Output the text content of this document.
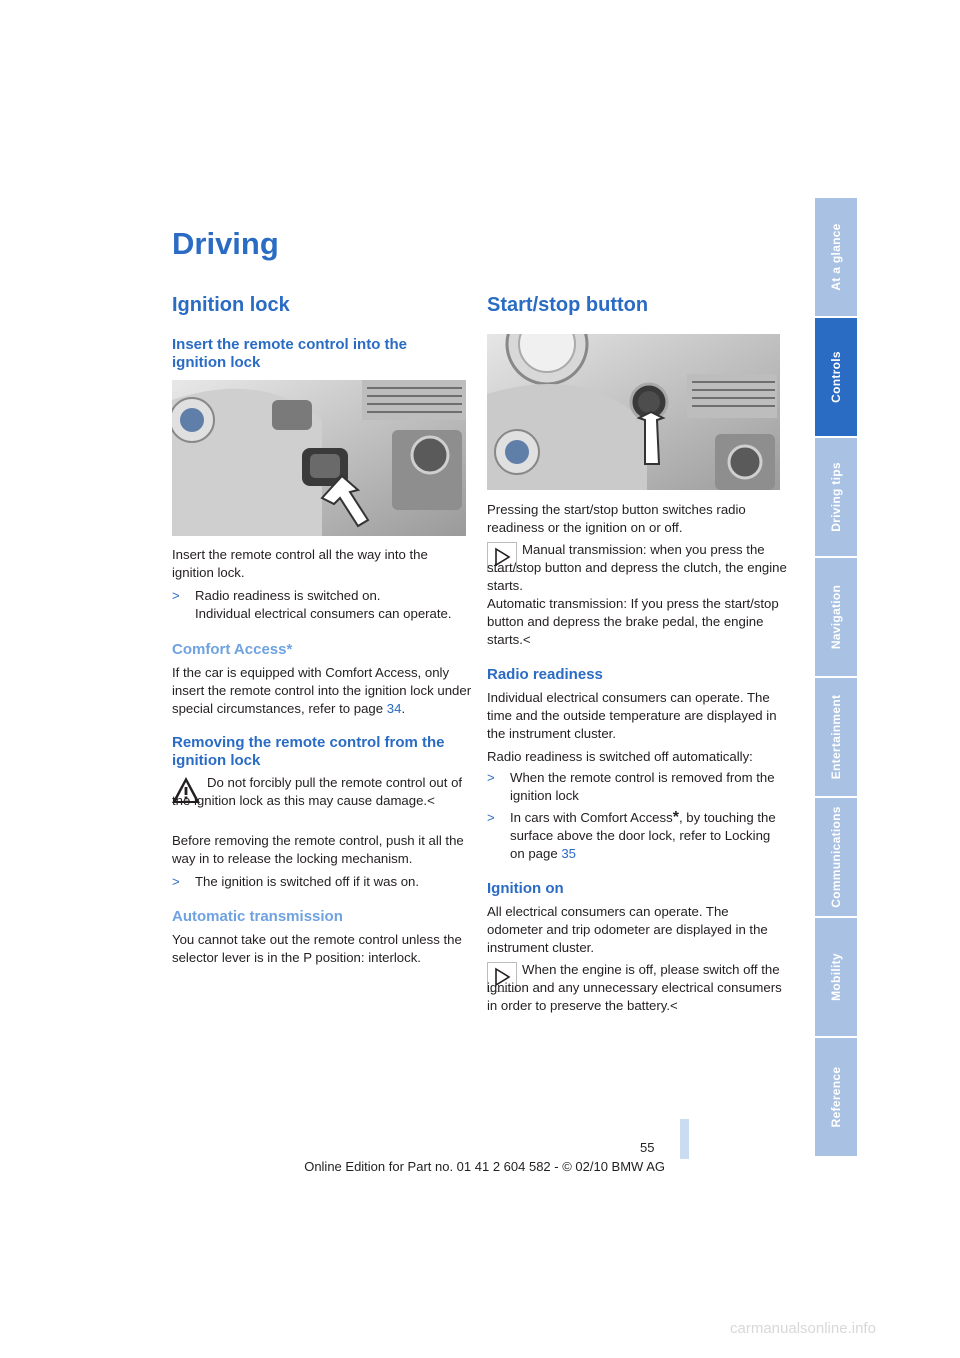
Driving
Ignition lock
Insert the remote control into the ignition lock
Insert the remote control all the way into the ignition lock.
> Radio readiness is switched on.
Individual electrical consumers can operate.
Comfort Access*
If the car is equipped with Comfort Access, only insert the remote control into the ignition lock under special circumstances, refer to page 34.
Removing the remote control from the ignition lock
Do not forcibly pull the remote control out of the ignition lock as this may cause damage.<
Before removing the remote control, push it all the way in to release the locking mechanism.
> The ignition is switched off if it was on.
Automatic transmission
You cannot take out the remote control unless the selector lever is in the P position: interlock.
Start/stop button
Pressing the start/stop button switches radio readiness or the ignition on or off.
Manual transmission: when you press the start/stop button and depress the clutch, the engine starts.
Automatic transmission: If you press the start/stop button and depress the brake pedal, the engine starts.<
Radio readiness
Individual electrical consumers can operate. The time and the outside temperature are displayed in the instrument cluster.
Radio readiness is switched off automatically:
> When the remote control is removed from the ignition lock
> In cars with Comfort Access*, by touching the surface above the door lock, refer to Locking on page 35
Ignition on
All electrical consumers can operate. The odometer and trip odometer are displayed in the instrument cluster.
When the engine is off, please switch off the ignition and any unnecessary electrical consumers in order to preserve the battery.<
At a glance
Controls
Driving tips
Navigation
Entertainment
Communications
Mobility
Reference
55
Online Edition for Part no. 01 41 2 604 582 - © 02/10 BMW AG
carmanualsonline.info
